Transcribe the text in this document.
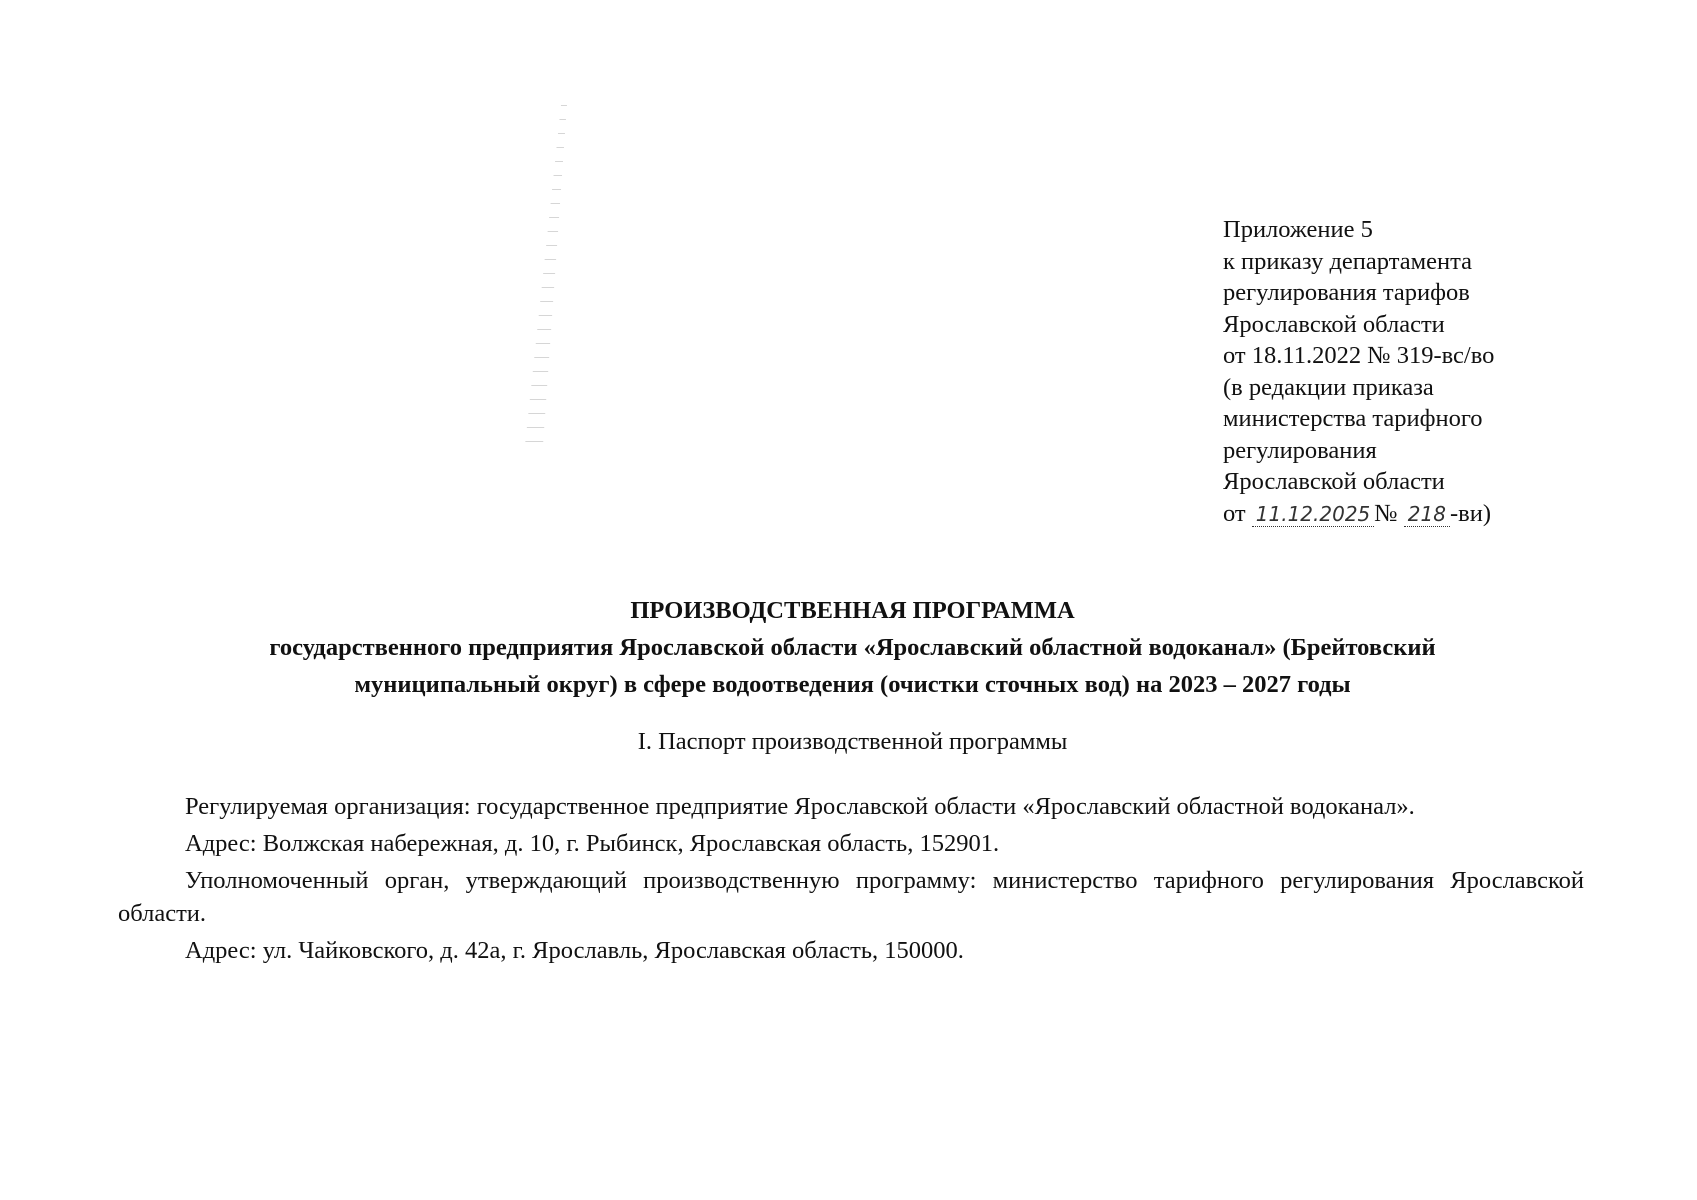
Приложение 5
к приказу департамента
регулирования тарифов
Ярославской области
от 18.11.2022 № 319-вс/во
(в редакции приказа
министерства тарифного
регулирования
Ярославской области
от 11.12.2025 № 218 -ви)
ПРОИЗВОДСТВЕННАЯ ПРОГРАММА
государственного предприятия Ярославской области «Ярославский областной водоканал» (Брейтовский
муниципальный округ) в сфере водоотведения (очистки сточных вод) на 2023 – 2027 годы
I. Паспорт производственной программы

Регулируемая организация: государственное предприятие Ярославской области «Ярославский областной водоканал».

Адрес: Волжская набережная, д. 10, г. Рыбинск, Ярославская область, 152901.

Уполномоченный орган, утверждающий производственную программу: министерство тарифного регулирования Ярославской области.

Адрес: ул. Чайковского, д. 42а, г. Ярославль, Ярославская область, 150000.
